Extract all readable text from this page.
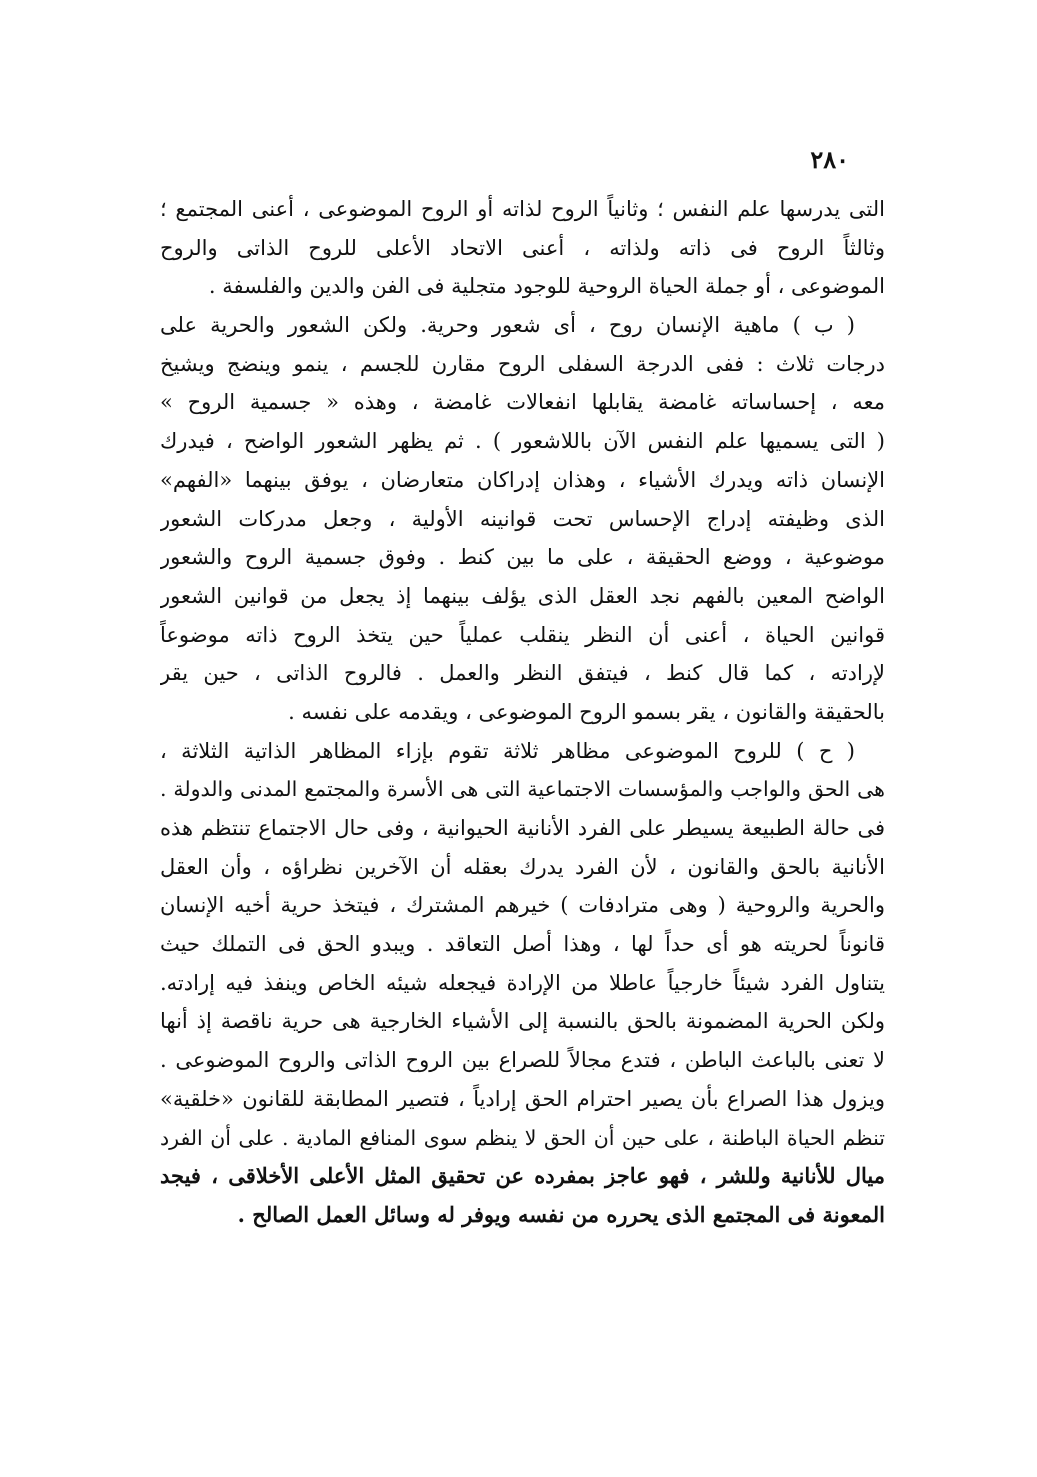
٢٨٠
التى يدرسها علم النفس ؛ وثانياً الروح لذاته أو الروح الموضوعى ، أعنى المجتمع ؛
وثالثاً الروح فى ذاته ولذاته ، أعنى الاتحاد الأعلى للروح الذاتى والروح
الموضوعى ، أو جملة الحياة الروحية للوجود متجلية فى الفن والدين والفلسفة .
( ب ) ماهية الإنسان روح ، أى شعور وحرية. ولكن الشعور والحرية على
درجات ثلاث : ففى الدرجة السفلى الروح مقارن للجسم ، ينمو وينضج ويشيخ
معه ، إحساساته غامضة يقابلها انفعالات غامضة ، وهذه « جسمية الروح »
( التى يسميها علم النفس الآن باللاشعور ) . ثم يظهر الشعور الواضح ، فيدرك
الإنسان ذاته ويدرك الأشياء ، وهذان إدراكان متعارضان ، يوفق بينهما «الفهم»
الذى وظيفته إدراج الإحساس تحت قوانينه الأولية ، وجعل مدركات الشعور
موضوعية ، ووضع الحقيقة ، على ما بين كنط . وفوق جسمية الروح والشعور
الواضح المعين بالفهم نجد العقل الذى يؤلف بينهما إذ يجعل من قوانين الشعور
قوانين الحياة ، أعنى أن النظر ينقلب عملياً حين يتخذ الروح ذاته موضوعاً
لإرادته ، كما قال كنط ، فيتفق النظر والعمل . فالروح الذاتى ، حين يقر
بالحقيقة والقانون ، يقر بسمو الروح الموضوعى ، ويقدمه على نفسه .
( ح ) للروح الموضوعى مظاهر ثلاثة تقوم بإزاء المظاهر الذاتية الثلاثة ،
هى الحق والواجب والمؤسسات الاجتماعية التى هى الأسرة والمجتمع المدنى والدولة .
فى حالة الطبيعة يسيطر على الفرد الأنانية الحيوانية ، وفى حال الاجتماع تنتظم هذه
الأنانية بالحق والقانون ، لأن الفرد يدرك بعقله أن الآخرين نظراؤه ، وأن العقل
والحرية والروحية ( وهى مترادفات ) خيرهم المشترك ، فيتخذ حرية أخيه الإنسان
قانوناً لحريته هو أى حداً لها ، وهذا أصل التعاقد . ويبدو الحق فى التملك حيث
يتناول الفرد شيئاً خارجياً عاطلا من الإرادة فيجعله شيئه الخاص وينفذ فيه إرادته.
ولكن الحرية المضمونة بالحق بالنسبة إلى الأشياء الخارجية هى حرية ناقصة إذ أنها
لا تعنى بالباعث الباطن ، فتدع مجالاً للصراع بين الروح الذاتى والروح الموضوعى .
ويزول هذا الصراع بأن يصير احترام الحق إرادياً ، فتصير المطابقة للقانون «خلقية»
تنظم الحياة الباطنة ، على حين أن الحق لا ينظم سوى المنافع المادية . على أن الفرد
ميال للأنانية وللشر ، فهو عاجز بمفرده عن تحقيق المثل الأعلى الأخلاقى ، فيجد
المعونة فى المجتمع الذى يحرره من نفسه ويوفر له وسائل العمل الصالح .
